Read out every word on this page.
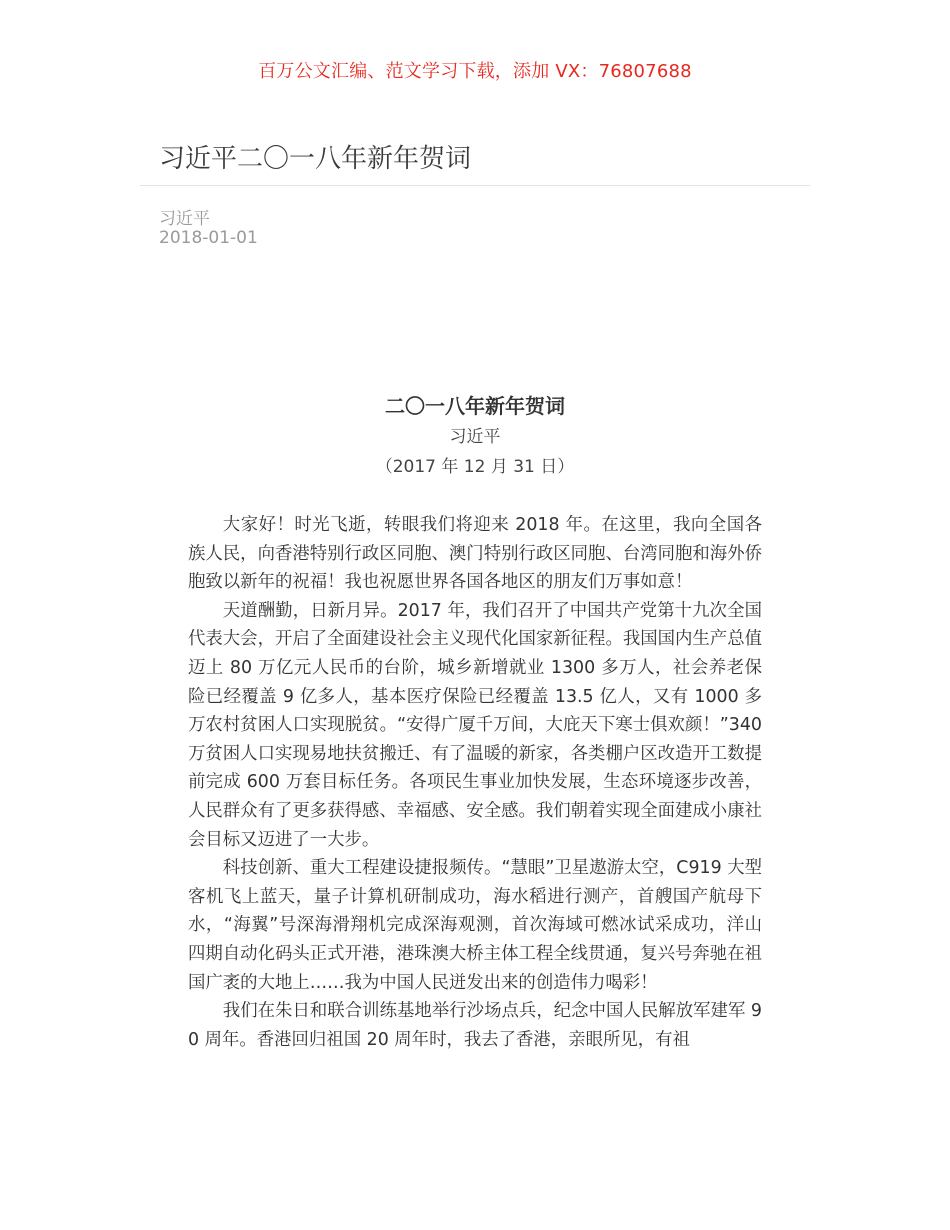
百万公文汇编、范文学习下载，添加 VX：76807688
习近平二〇一八年新年贺词
习近平
2018-01-01
二〇一八年新年贺词
习近平
（2017 年 12 月 31 日）

大家好！时光飞逝，转眼我们将迎来 2018 年。在这里，我向全国各族人民，向香港特别行政区同胞、澳门特别行政区同胞、台湾同胞和海外侨胞致以新年的祝福！我也祝愿世界各国各地区的朋友们万事如意！

天道酬勤，日新月异。2017 年，我们召开了中国共产党第十九次全国代表大会，开启了全面建设社会主义现代化国家新征程。我国国内生产总值迈上 80 万亿元人民币的台阶，城乡新增就业 1300 多万人，社会养老保险已经覆盖 9 亿多人，基本医疗保险已经覆盖 13.5 亿人，又有 1000 多万农村贫困人口实现脱贫。“安得广厦千万间，大庇天下寒士俱欢颜！”340 万贫困人口实现易地扶贫搬迁、有了温暖的新家，各类棚户区改造开工数提前完成 600 万套目标任务。各项民生事业加快发展，生态环境逐步改善，人民群众有了更多获得感、幸福感、安全感。我们朝着实现全面建成小康社会目标又迈进了一大步。

科技创新、重大工程建设捷报频传。“慧眼”卫星遨游太空，C919 大型客机飞上蓝天，量子计算机研制成功，海水稻进行测产，首艘国产航母下水，“海翼”号深海滑翔机完成深海观测，首次海域可燃冰试采成功，洋山四期自动化码头正式开港，港珠澳大桥主体工程全线贯通，复兴号奔驰在祖国广袤的大地上……我为中国人民迸发出来的创造伟力喝彩！

我们在朱日和联合训练基地举行沙场点兵，纪念中国人民解放军建军 90 周年。香港回归祖国 20 周年时，我去了香港，亲眼所见，有祖
